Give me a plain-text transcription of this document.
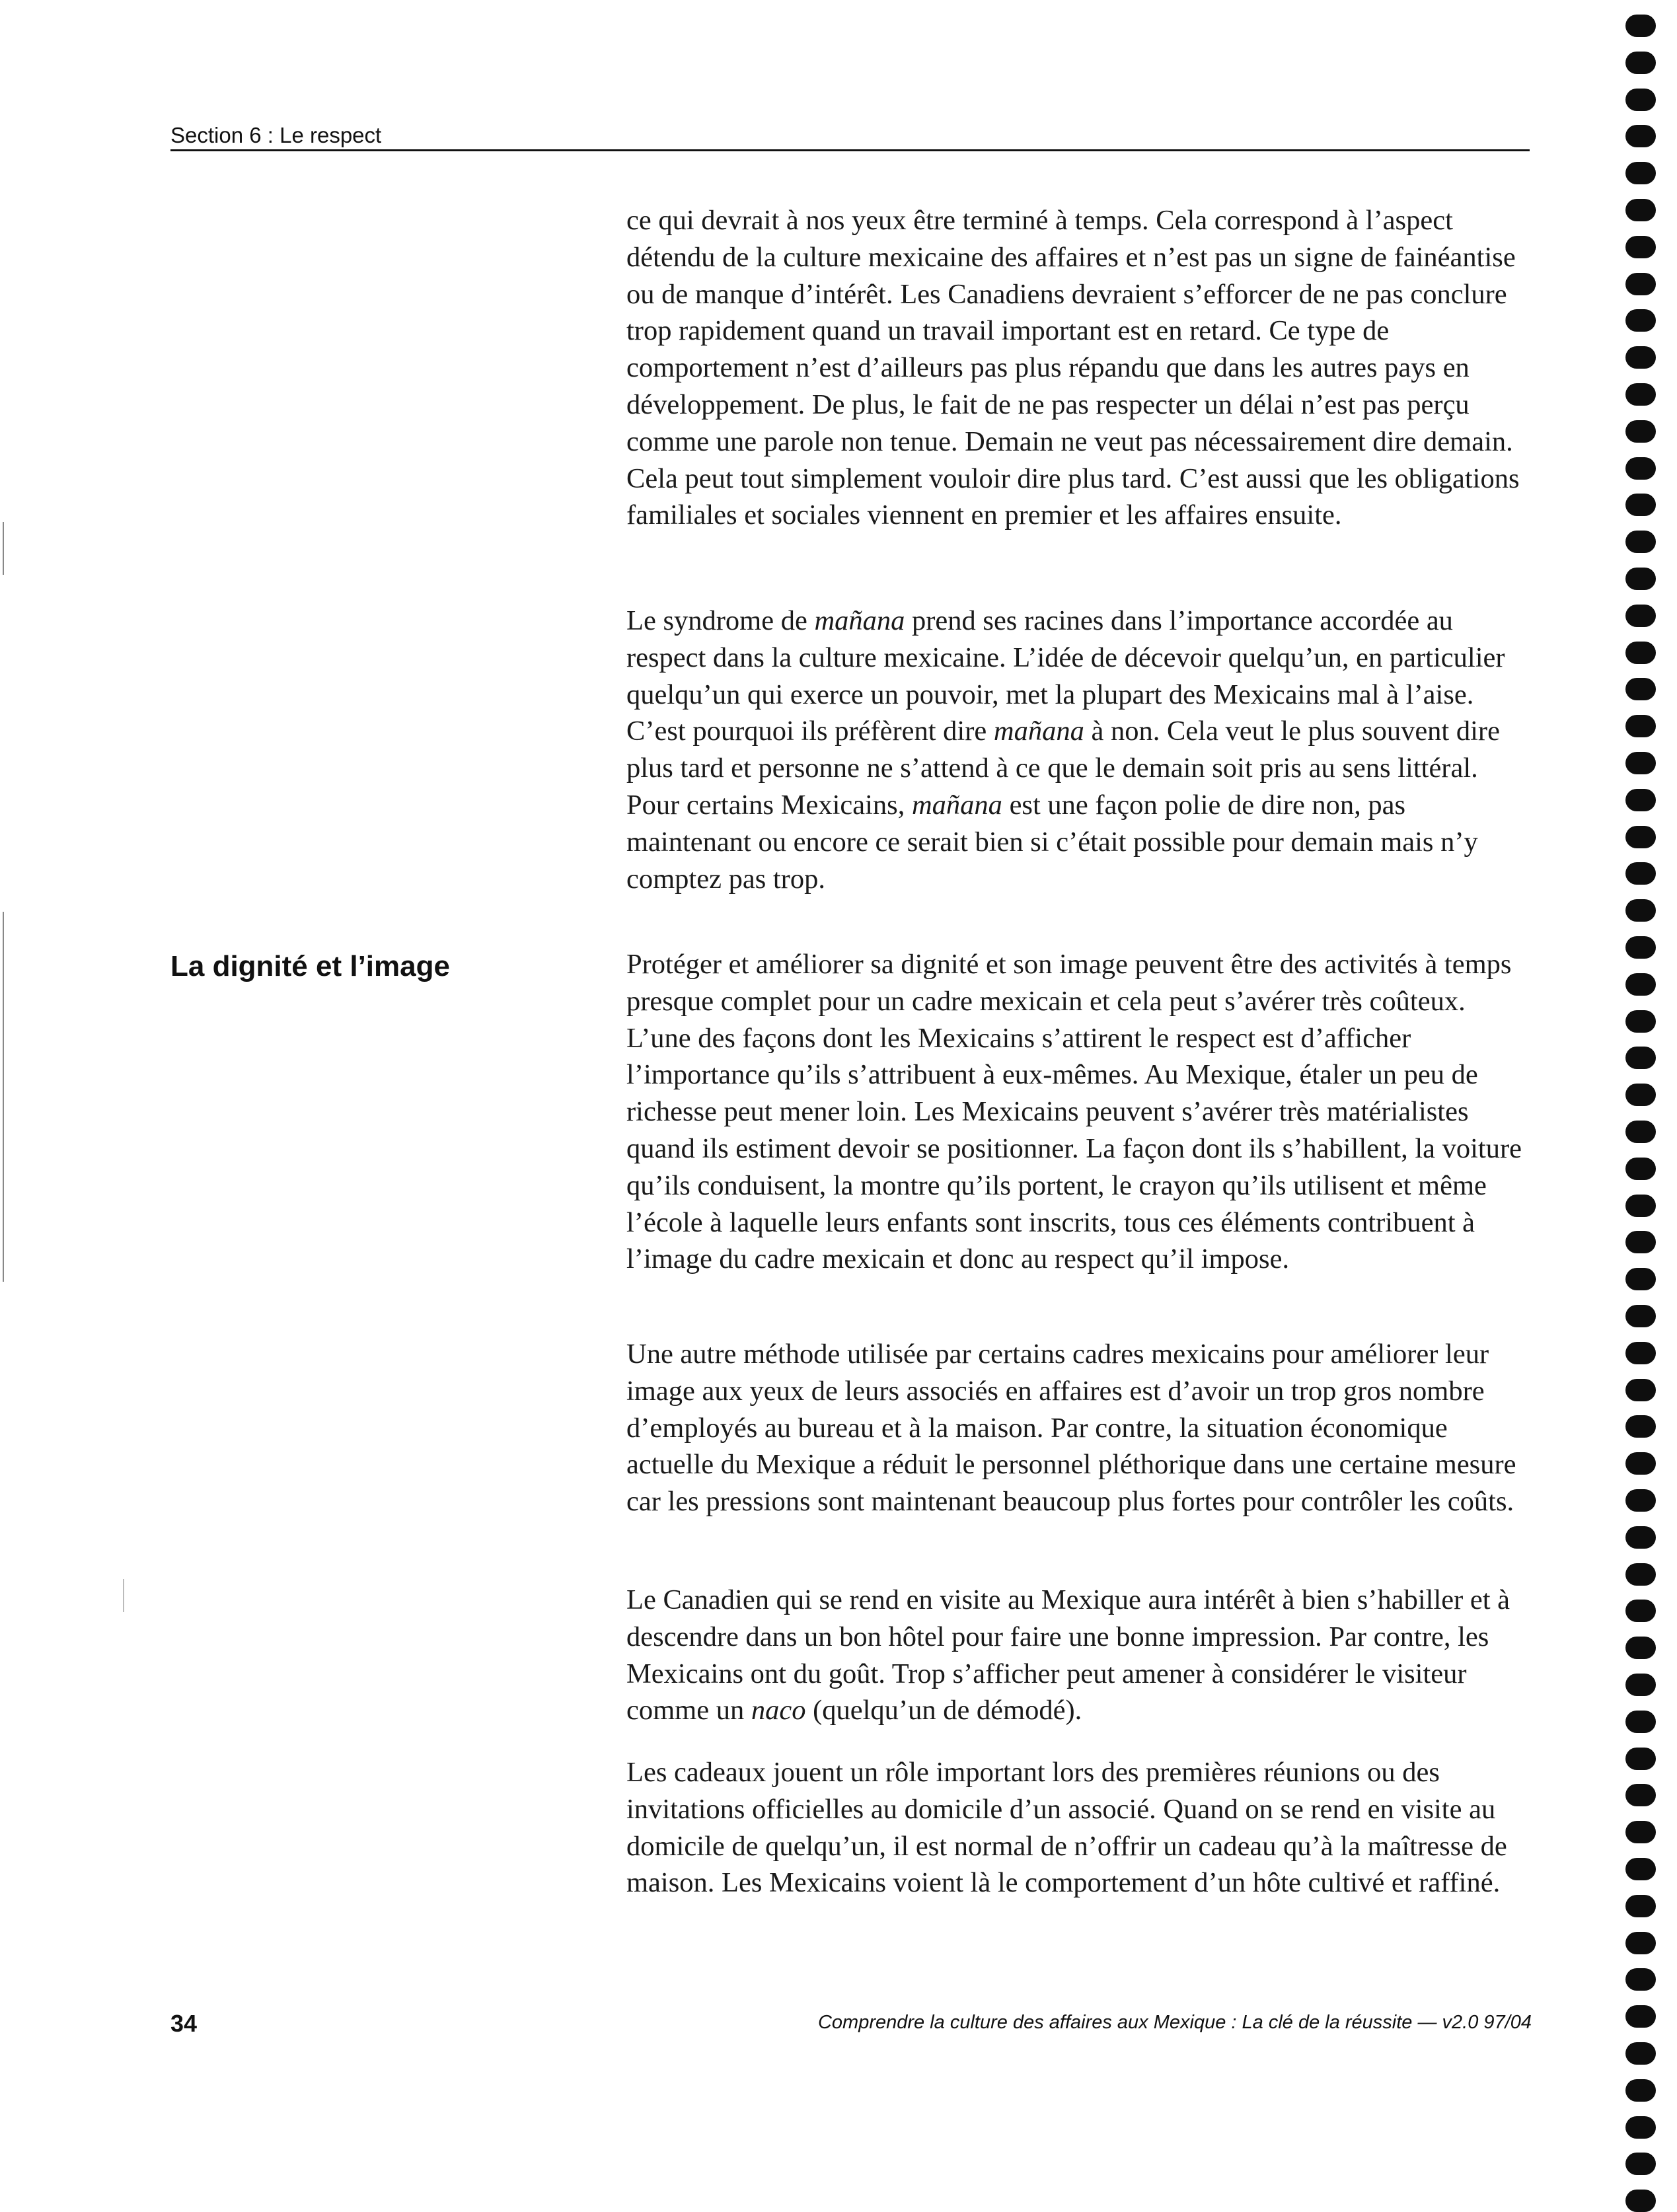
Section 6 : Le respect
La dignité et l’image

ce qui devrait à nos yeux être terminé à temps. Cela correspond à l’aspect détendu de la culture mexicaine des affaires et n’est pas un signe de fainéantise ou de manque d’intérêt. Les Canadiens devraient s’efforcer de ne pas conclure trop rapidement quand un travail important est en retard. Ce type de comportement n’est d’ailleurs pas plus répandu que dans les autres pays en développement. De plus, le fait de ne pas respecter un délai n’est pas perçu comme une parole non tenue. Demain ne veut pas nécessairement dire demain. Cela peut tout simplement vouloir dire plus tard. C’est aussi que les obligations familiales et sociales viennent en premier et les affaires ensuite.

Le syndrome de mañana prend ses racines dans l’importance accordée au respect dans la culture mexicaine. L’idée de décevoir quelqu’un, en particulier quelqu’un qui exerce un pouvoir, met la plupart des Mexicains mal à l’aise. C’est pourquoi ils préfèrent dire mañana à non. Cela veut le plus souvent dire plus tard et personne ne s’attend à ce que le demain soit pris au sens littéral. Pour certains Mexicains, mañana est une façon polie de dire non, pas maintenant ou encore ce serait bien si c’était possible pour demain mais n’y comptez pas trop.

Protéger et améliorer sa dignité et son image peuvent être des activités à temps presque complet pour un cadre mexicain et cela peut s’avérer très coûteux. L’une des façons dont les Mexicains s’attirent le respect est d’afficher l’importance qu’ils s’attribuent à eux-mêmes. Au Mexique, étaler un peu de richesse peut mener loin. Les Mexicains peuvent s’avérer très matérialistes quand ils estiment devoir se positionner. La façon dont ils s’habillent, la voiture qu’ils conduisent, la montre qu’ils portent, le crayon qu’ils utilisent et même l’école à laquelle leurs enfants sont inscrits, tous ces éléments contribuent à l’image du cadre mexicain et donc au respect qu’il impose.

Une autre méthode utilisée par certains cadres mexicains pour améliorer leur image aux yeux de leurs associés en affaires est d’avoir un trop gros nombre d’employés au bureau et à la maison. Par contre, la situation économique actuelle du Mexique a réduit le personnel pléthorique dans une certaine mesure car les pressions sont maintenant beaucoup plus fortes pour contrôler les coûts.

Le Canadien qui se rend en visite au Mexique aura intérêt à bien s’habiller et à descendre dans un bon hôtel pour faire une bonne impression. Par contre, les Mexicains ont du goût. Trop s’afficher peut amener à considérer le visiteur comme un naco (quelqu’un de démodé).

Les cadeaux jouent un rôle important lors des premières réunions ou des invitations officielles au domicile d’un associé. Quand on se rend en visite au domicile de quelqu’un, il est normal de n’offrir un cadeau qu’à la maîtresse de maison. Les Mexicains voient là le comportement d’un hôte cultivé et raffiné.

34	Comprendre la culture des affaires aux Mexique : La clé de la réussite — v2.0 97/04
